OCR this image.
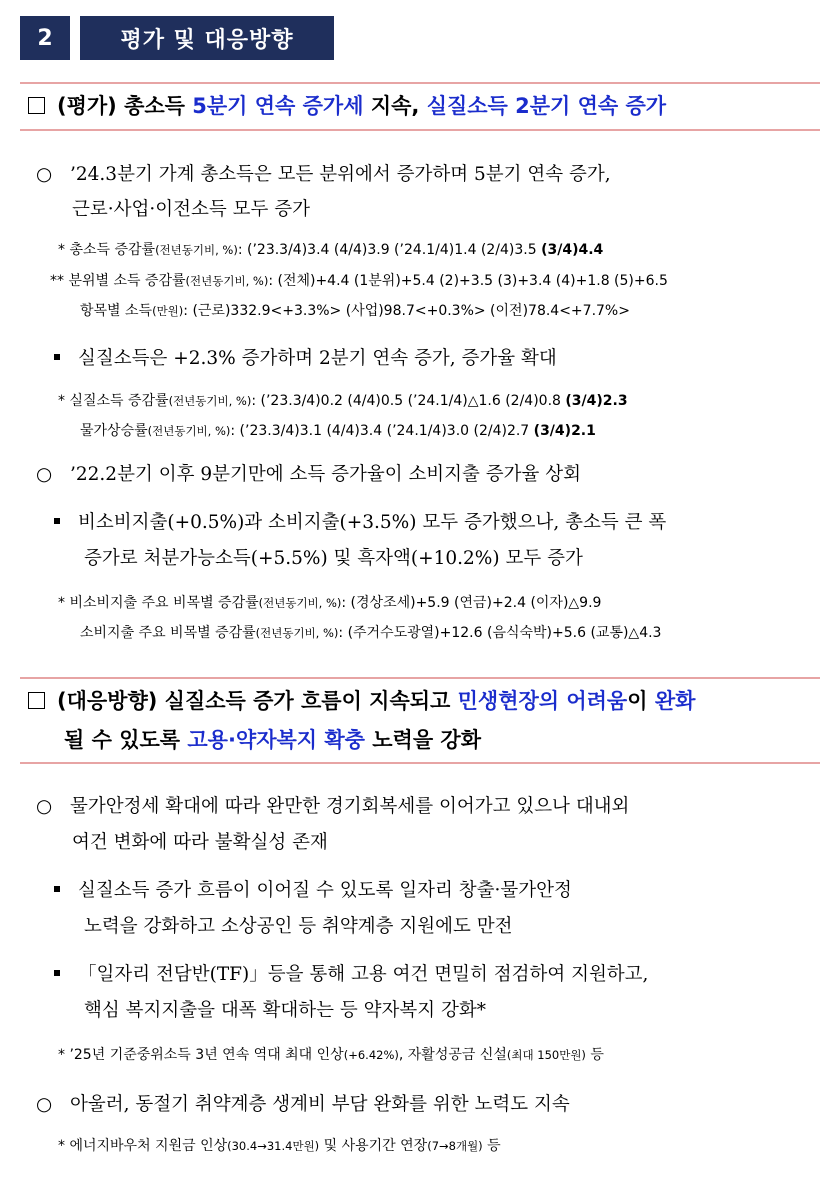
2	평가 및 대응방향
(평가) 총소득 5분기 연속 증가세 지속, 실질소득 2분기 연속 증가
○ ’24.3분기 가계 총소득은 모든 분위에서 증가하며 5분기 연속 증가,
근로·사업·이전소득 모두 증가
* 총소득 증감률(전년동기비, %): (’23.3/4)3.4 (4/4)3.9 (’24.1/4)1.4 (2/4)3.5 (3/4)4.4
** 분위별 소득 증감률(전년동기비, %): (전체)+4.4 (1분위)+5.4 (2)+3.5 (3)+3.4 (4)+1.8 (5)+6.5
항목별 소득(만원): (근로)332.9<+3.3%> (사업)98.7<+0.3%> (이전)78.4<+7.7%>
실질소득은 +2.3% 증가하며 2분기 연속 증가, 증가율 확대
* 실질소득 증감률(전년동기비, %): (’23.3/4)0.2 (4/4)0.5 (’24.1/4)△1.6 (2/4)0.8 (3/4)2.3
물가상승률(전년동기비, %): (’23.3/4)3.1 (4/4)3.4 (’24.1/4)3.0 (2/4)2.7 (3/4)2.1
○ ’22.2분기 이후 9분기만에 소득 증가율이 소비지출 증가율 상회
비소비지출(+0.5%)과 소비지출(+3.5%) 모두 증가했으나, 총소득 큰 폭
증가로 처분가능소득(+5.5%) 및 흑자액(+10.2%) 모두 증가
* 비소비지출 주요 비목별 증감률(전년동기비, %): (경상조세)+5.9 (연금)+2.4 (이자)△9.9
소비지출 주요 비목별 증감률(전년동기비, %): (주거수도광열)+12.6 (음식숙박)+5.6 (교통)△4.3
(대응방향) 실질소득 증가 흐름이 지속되고 민생현장의 어려움이 완화
될 수 있도록 고용·약자복지 확충 노력을 강화
○ 물가안정세 확대에 따라 완만한 경기회복세를 이어가고 있으나 대내외
여건 변화에 따라 불확실성 존재
실질소득 증가 흐름이 이어질 수 있도록 일자리 창출·물가안정
노력을 강화하고 소상공인 등 취약계층 지원에도 만전
「일자리 전담반(TF)」등을 통해 고용 여건 면밀히 점검하여 지원하고,
핵심 복지지출을 대폭 확대하는 등 약자복지 강화*
* ’25년 기준중위소득 3년 연속 역대 최대 인상(+6.42%), 자활성공금 신설(최대 150만원) 등
○ 아울러, 동절기 취약계층 생계비 부담 완화를 위한 노력도 지속
* 에너지바우처 지원금 인상(30.4→31.4만원) 및 사용기간 연장(7→8개월) 등
